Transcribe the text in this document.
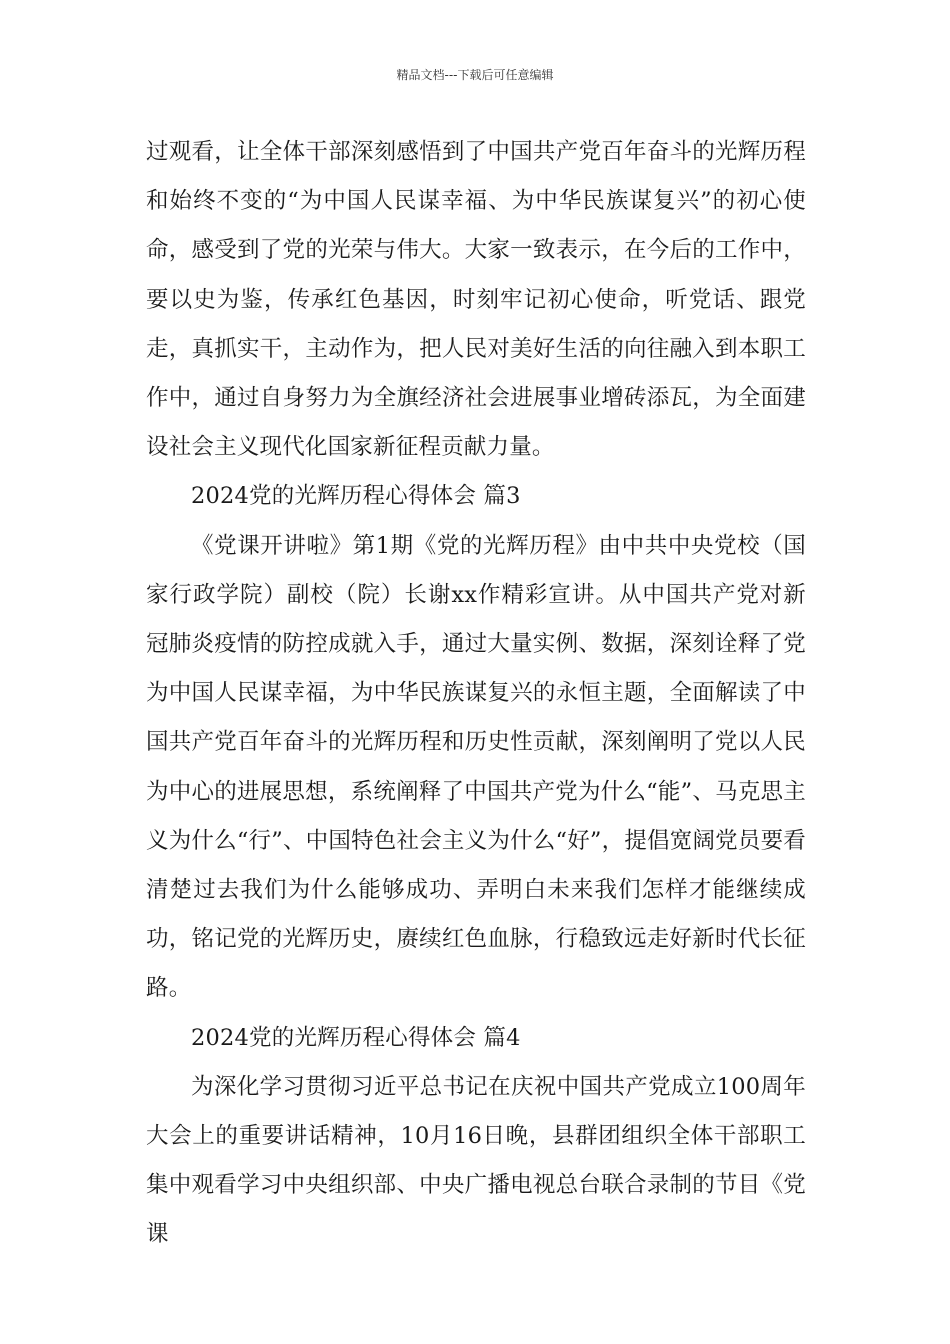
精品文档---下载后可任意编辑

过观看，让全体干部深刻感悟到了中国共产党百年奋斗的光辉历程和始终不变的“为中国人民谋幸福、为中华民族谋复兴”的初心使命，感受到了党的光荣与伟大。大家一致表示，在今后的工作中，要以史为鉴，传承红色基因，时刻牢记初心使命，听党话、跟党走，真抓实干，主动作为，把人民对美好生活的向往融入到本职工作中，通过自身努力为全旗经济社会进展事业增砖添瓦，为全面建设社会主义现代化国家新征程贡献力量。

2024党的光辉历程心得体会 篇3

《党课开讲啦》第1期《党的光辉历程》由中共中央党校（国家行政学院）副校（院）长谢xx作精彩宣讲。从中国共产党对新冠肺炎疫情的防控成就入手，通过大量实例、数据，深刻诠释了党为中国人民谋幸福，为中华民族谋复兴的永恒主题，全面解读了中国共产党百年奋斗的光辉历程和历史性贡献，深刻阐明了党以人民为中心的进展思想，系统阐释了中国共产党为什么“能”、马克思主义为什么“行”、中国特色社会主义为什么“好”，提倡宽阔党员要看清楚过去我们为什么能够成功、弄明白未来我们怎样才能继续成功，铭记党的光辉历史，赓续红色血脉，行稳致远走好新时代长征路。

2024党的光辉历程心得体会 篇4

为深化学习贯彻习近平总书记在庆祝中国共产党成立100周年大会上的重要讲话精神，10月16日晚，县群团组织全体干部职工集中观看学习中央组织部、中央广播电视总台联合录制的节目《党课
